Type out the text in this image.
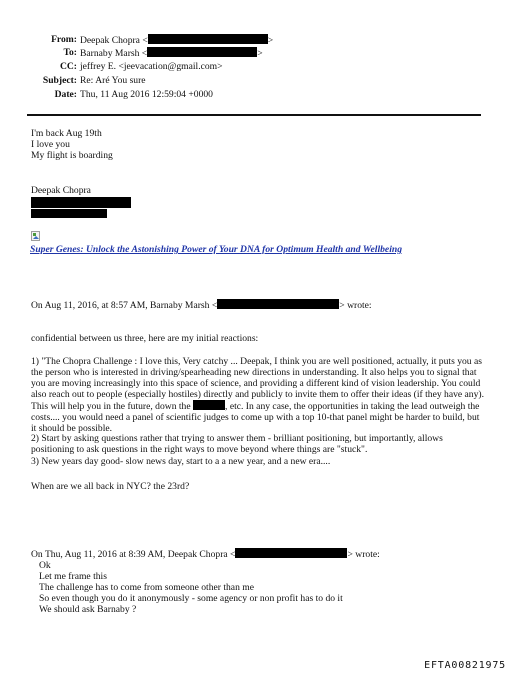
From: Deepak Chopra <	>
To: Barnaby Marsh <	>
CC: jeffrey E. <jeevacation@gmail.com>
Subject: Re: Aré You sure
Date: Thu, 11 Aug 2016 12:59:04 +0000
I'm back Aug 19th
I love you
My flight is boarding
Deepak Chopra
Super Genes: Unlock the Astonishing Power of Your DNA for Optimum Health and Wellbeing
On Aug 11, 2016, at 8:57 AM, Barnaby Marsh <	> wrote:
confidential between us three, here are my initial reactions:
1) "The Chopra Challenge : I love this, Very catchy ... Deepak, I think you are well positioned, actually, it puts you as the person who is interested in driving/spearheading new directions in understanding. It also helps you to signal that you are moving increasingly into this space of science, and providing a different kind of vision leadership. You could also reach out to people (especially hostiles) directly and publicly to invite them to offer their ideas (if they have any). This will help you in the future, down the	, etc. In any case, the opportunities in taking the lead outweigh the costs.... you would need a panel of scientific judges to come up with a top 10-that panel might be harder to build, but it should be possible.
2) Start by asking questions rather that trying to answer them - brilliant positioning, but importantly, allows positioning to ask questions in the right ways to move beyond where things are "stuck".
3) New years day good- slow news day, start to a a new year, and a new era....
When are we all back in NYC? the 23rd?
On Thu, Aug 11, 2016 at 8:39 AM, Deepak Chopra <	> wrote:
Ok
Let me frame this
The challenge has to come from someone other than me
So even though you do it anonymously - some agency or non profit has to do it
We should ask Barnaby ?
EFTA00821975
